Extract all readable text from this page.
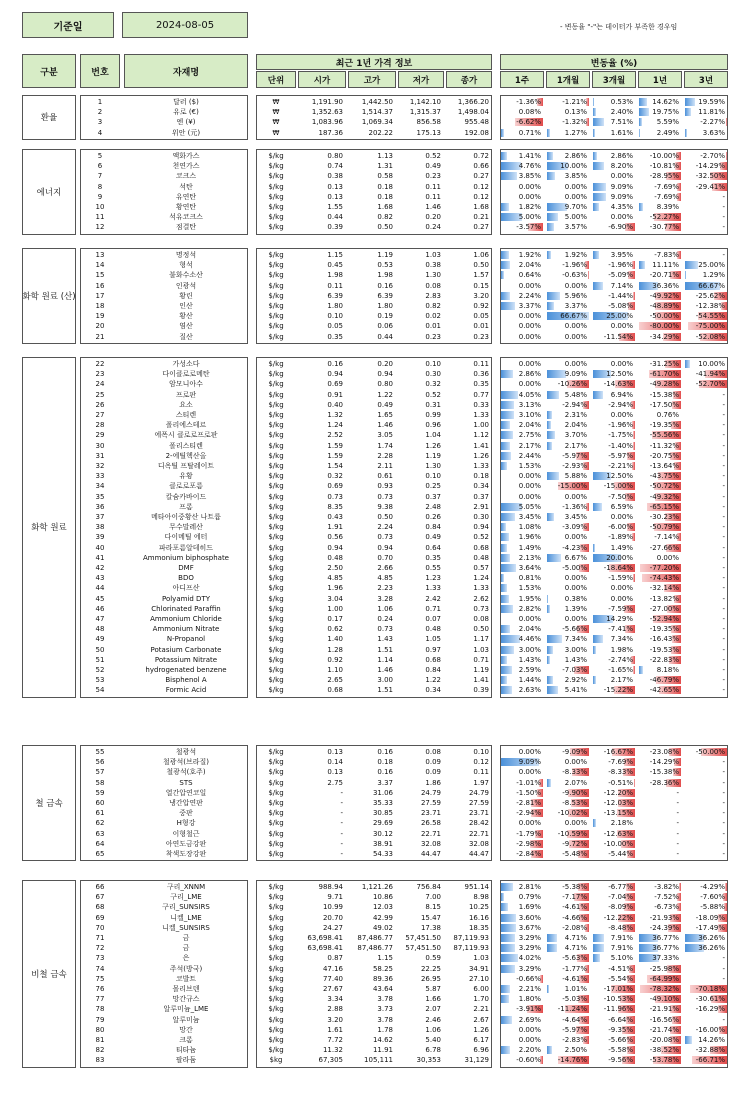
기준일	2024-08-05	- 변동율 "-"는 데이터가 부족한 경우임
구분	번호	자재명
최근 1년 가격 정보
단위	시가	고가	저가	종가
변동율 (%)
1주	1개월	3개월	1년	3년
환율
1	달러 ($)	₩	1,191.90	1,442.50	1,142.10	1,366.20	-1.36%	-1.21%	0.53%	14.62%	19.59%
2	유로 (€)	₩	1,352.63	1,514.37	1,315.37	1,498.04	0.08%	0.13%	2.40%	19.75%	11.81%
3	엔 (¥)	₩	1,083.96	1,069.34	856.58	955.48	-6.62%	-1.32%	7.51%	5.59%	-2.27%
4	위안 (元)	₩	187.36	202.22	175.13	192.08	0.71%	1.27%	1.61%	2.49%	3.63%
에너지
5	액화가스	$/kg	0.80	1.13	0.52	0.72	1.41%	2.86%	2.86% -10.00%	-2.70%
6	천연가스	$/kg	0.74	1.31	0.49	0.66	4.76%	10.00%	8.20% -10.81% -14.29%
7	코크스	$/kg	0.38	0.58	0.23	0.27	3.85%	3.85%	0.00% -28.95% -32.50%
8	석탄	$/kg	0.13	0.18	0.11	0.12	0.00%	0.00%	9.09%	-7.69% -29.41%
9	유연탄	$/kg	0.13	0.18	0.11	0.12	0.00%	0.00%	9.09%	-7.69%	-
10	황연탄	$/kg	1.55	1.68	1.46	1.68	1.82%	9.70%	4.35%	8.39%	-
11	석유코크스	$/kg	0.44	0.82	0.20	0.21	5.00%	5.00%	0.00% -52.27%	-
12	점결탄	$/kg	0.39	0.50	0.24	0.27	-3.57%	3.57%	-6.90% -30.77%	-
화학 원료 (산)
13	명정석	$/kg	1.15	1.19	1.03	1.06	1.92%	1.92%	3.95%	-7.83%	-
14	형석	$/kg	0.45	0.53	0.38	0.50	2.04%	-1.96%	-1.96%	11.11%	25.00%
15	불화수소산	$/kg	1.98	1.98	1.30	1.57	0.64%	-0.63%	-5.09% -20.71%	1.29%
16	인광석	$/kg	0.11	0.16	0.08	0.15	0.00%	0.00%	7.14%	36.36%	66.67%
17	황린	$/kg	6.39	6.39	2.83	3.20	2.24%	5.96%	-1.44% -49.92% -25.62%
18	인산	$/kg	1.80	1.80	0.82	0.92	3.37%	3.37%	-5.08% -48.89% -12.38%
19	황산	$/kg	0.10	0.19	0.02	0.05	0.00%	66.67%	25.00% -50.00% -54.55%
20	염산	$/kg	0.05	0.06	0.01	0.01	0.00%	0.00%	0.00% -80.00% -75.00%
21	질산	$/kg	0.35	0.44	0.23	0.23	0.00%	0.00% -11.54% -34.29% -52.08%
화학 원료
22	가성소다	$/kg	0.16	0.20	0.10	0.11	0.00%	0.00%	0.00% -31.25%	10.00%
23	다이클로로메탄	$/kg	0.94	0.94	0.30	0.36	2.86%	9.09%	12.50% -61.70% -41.94%
24	암모니아수	$/kg	0.69	0.80	0.32	0.35	0.00% -10.26% -14.63% -49.28% -52.70%
25	프로판	$/kg	0.91	1.22	0.52	0.77	4.05%	5.48%	6.94% -15.38%	-
26	요소	$/kg	0.40	0.49	0.31	0.33	3.13%	-2.94%	-2.94% -17.50%	-
27	스티렌	$/kg	1.32	1.65	0.99	1.33	3.10%	2.31%	0.00%	0.76%	-
28	폴리에스테르	$/kg	1.24	1.46	0.96	1.00	2.04%	2.04%	-1.96% -19.35%	-
29	에폭시 클로로프로판	$/kg	2.52	3.05	1.04	1.12	2.75%	3.70%	-1.75% -55.56%	-
30	폴리스티렌	$/kg	1.59	1.74	1.26	1.41	2.17%	2.17%	-1.40% -11.32%	-
31	2-에틸헥산올	$/kg	1.59	2.28	1.19	1.26	2.44%	-5.97%	-5.97% -20.75%	-
32	디옥틸 프탈레이트	$/kg	1.54	2.11	1.30	1.33	1.53%	-2.93%	-2.21% -13.64%	-
33	유황	$/kg	0.32	0.61	0.10	0.18	0.00%	5.88%	12.50% -43.75%	-
34	클로로포름	$/kg	0.69	0.93	0.25	0.34	0.00% -15.00% -15.00% -50.72%	-
35	칼슘카바이드	$/kg	0.73	0.73	0.37	0.37	0.00%	0.00%	-7.50% -49.32%	-
36	프롬	$/kg	8.35	9.38	2.48	2.91	5.05%	-1.36%	6.59% -65.15%	-
37	메타아이중황산 나트륨	$/kg	0.43	0.50	0.26	0.30	3.45%	3.45%	0.00% -30.23%	-
38	무수말레산	$/kg	1.91	2.24	0.84	0.94	1.08%	-3.09%	-6.00% -50.79%	-
39	다이메틸 에터	$/kg	0.56	0.73	0.49	0.52	1.96%	0.00%	-1.89%	-7.14%	-
40	파라포름알데히드	$/kg	0.94	0.94	0.64	0.68	1.49%	-4.23%	1.49% -27.66%	-
41	Ammonium biphosphate	$/kg	0.48	0.70	0.35	0.48	2.13%	6.67%	20.00%	0.00%	-
42	DMF	$/kg	2.50	2.66	0.55	0.57	3.64%	-5.00% -18.64% -77.20%	-
43	BDO	$/kg	4.85	4.85	1.23	1.24	0.81%	0.00%	-1.59% -74.43%	-
44	아디프산	$/kg	1.96	2.23	1.33	1.33	1.53%	0.00%	0.00% -32.14%	-
45	Polyamid DTY	$/kg	3.04	3.28	2.42	2.62	1.95%	0.38%	0.00% -13.82%	-
46	Chlorinated Paraffin	$/kg	1.00	1.06	0.71	0.73	2.82%	1.39%	-7.59% -27.00%	-
47	Ammonium Chloride	$/kg	0.17	0.24	0.07	0.08	0.00%	0.00%	14.29% -52.94%	-
48	Ammonium Nitrate	$/kg	0.62	0.73	0.48	0.50	2.04%	-5.66%	-7.41% -19.35%	-
49	N-Propanol	$/kg	1.40	1.43	1.05	1.17	4.46%	7.34%	7.34% -16.43%	-
50	Potasium Carbonate	$/kg	1.28	1.51	0.97	1.03	3.00%	3.00%	1.98% -19.53%	-
51	Potassium Nitrate	$/kg	0.92	1.14	0.68	0.71	1.43%	1.43%	-2.74% -22.83%	-
52	hydrogenated benzene	$/kg	1.10	1.46	0.84	1.19	2.59%	-7.03%	-1.65%	8.18%	-
53	Bisphenol A	$/kg	2.65	3.00	1.22	1.41	1.44%	2.92%	2.17% -46.79%	-
54	Formic Acid	$/kg	0.68	1.51	0.34	0.39	2.63%	5.41% -15.22% -42.65%	-
철 금속
55	철광석	$/kg	0.13	0.16	0.08	0.10	0.00%	-9.09% -16.67% -23.08% -50.00%
56	철광석(브라질)	$/kg	0.14	0.18	0.09	0.12	9.09%	0.00%	-7.69% -14.29%	-
57	철광석(호주)	$/kg	0.13	0.16	0.09	0.11	0.00%	-8.33%	-8.33% -15.38%	-
58	STS	$/kg	2.75	3.37	1.86	1.97	-1.01%	2.07%	-0.51% -28.36%	-
59	열간압연코일	$/kg	-	31.06	24.79	24.79	-1.50%	-9.90% -12.20%	-	-
60	냉간압연판	$/kg	-	35.33	27.59	27.59	-2.81%	-8.53% -12.03%	-	-
61	중판	$/kg	-	30.85	23.71	23.71	-2.94% -10.02% -13.15%	-	-
62	H형강	$/kg	-	29.69	26.58	28.42	0.00%	0.00%	2.18%	-	-
63	이형철근	$/kg	-	30.12	22.71	22.71	-1.79% -10.59% -12.63%	-	-
64	아연도금강판	$/kg	-	38.91	32.08	32.08	-2.98%	-9.72% -10.00%	-	-
65	착색도장강판	$/kg	-	54.33	44.47	44.47	-2.84%	-5.48%	-5.44%	-	-
비철 금속
66	구리_XNNM	$/kg	988.94	1,121.26	756.84	951.14	2.81%	-5.38%	-6.77%	-3.82%	-4.29%
67	구리_LME	$/kg	9.71	10.86	7.00	8.98	0.79%	-7.17%	-7.04%	-7.52%	-7.60%
68	구리_SUNSIRS	$/kg	10.99	12.03	8.15	10.25	1.69%	-4.61%	-8.09%	-6.73%	-5.88%
69	니켈_LME	$/kg	20.70	42.99	15.47	16.16	3.60%	-4.66% -12.22% -21.93% -18.09%
70	니켈_SUNSIRS	$/kg	24.27	49.02	17.38	18.35	3.67%	-2.08%	-8.48% -24.39% -17.49%
71	금	$/kg	63,698.41	87,486.77	57,451.50	87,119.93	3.29%	4.71%	7.91%	36.77%	36.26%
72	금	$/kg	63,698.41	87,486.77	57,451.50	87,119.93	3.29%	4.71%	7.91%	36.77%	36.26%
73	은	$/kg	0.87	1.15	0.59	1.03	4.02%	-5.63%	5.10%	37.33%	-
74	주석(방국)	$/kg	47.16	58.25	22.25	34.91	3.29%	-1.77%	-4.51% -25.98%	-
75	코발트	$/kg	77.40	89.36	26.95	27.10	-0.66%	-4.61%	-5.54% -64.99%	-
76	몰리브덴	$/kg	27.67	43.64	5.87	6.00	2.21%	1.01% -17.01% -78.32% -70.18%
77	망간규스	$/kg	3.34	3.78	1.66	1.70	1.80%	-5.03% -10.53% -49.10% -30.61%
78	알루미늄_LME	$/kg	2.88	3.73	2.07	2.21	-3.91% -11.24% -11.96% -21.91% -16.29%
79	알루미늄	$/kg	3.20	3.78	2.46	2.67	2.69%	-4.64%	-6.64% -16.56%	-
80	망간	$/kg	1.61	1.78	1.06	1.26	0.00%	-5.97%	-9.35% -21.74% -16.00%
81	크롬	$/kg	7.72	14.62	5.40	6.17	0.00%	-2.83%	-5.66% -20.08%	14.26%
82	티타늄	$/kg	11.32	11.91	6.78	6.96	2.20%	2.50%	-5.58% -38.52% -32.88%
83	팔라듐	$kg	67,305	105,111	30,353	31,129	-0.60% -14.76%	-9.56% -53.78% -66.71%
